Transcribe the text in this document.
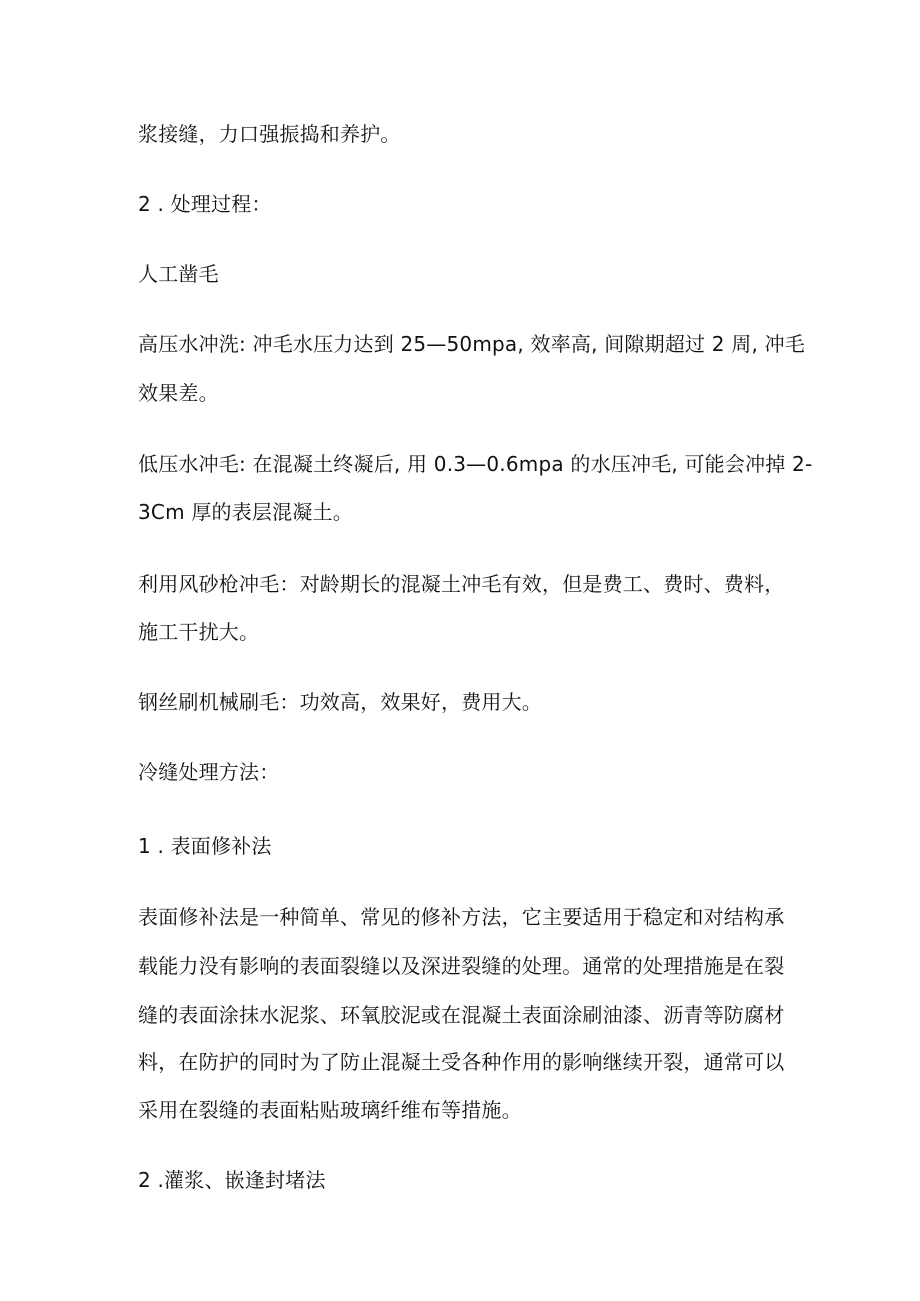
浆接缝，力口强振捣和养护。
2 . 处理过程：
人工凿毛
高压水冲洗: 冲毛水压力达到 25—50mpa, 效率高, 间隙期超过 2 周, 冲毛
效果差。
低压水冲毛: 在混凝土终凝后, 用 0.3—0.6mpa 的水压冲毛, 可能会冲掉 2-
3Cm 厚的表层混凝土。
利用风砂枪冲毛：对龄期长的混凝土冲毛有效，但是费工、费时、费料，
施工干扰大。
钢丝刷机械刷毛：功效高，效果好，费用大。
冷缝处理方法：
1 . 表面修补法
表面修补法是一种简单、常见的修补方法，它主要适用于稳定和对结构承
载能力没有影响的表面裂缝以及深进裂缝的处理。通常的处理措施是在裂
缝的表面涂抹水泥浆、环氧胶泥或在混凝土表面涂刷油漆、沥青等防腐材
料，在防护的同时为了防止混凝土受各种作用的影响继续开裂，通常可以
采用在裂缝的表面粘贴玻璃纤维布等措施。
2 .灌浆、嵌逢封堵法
